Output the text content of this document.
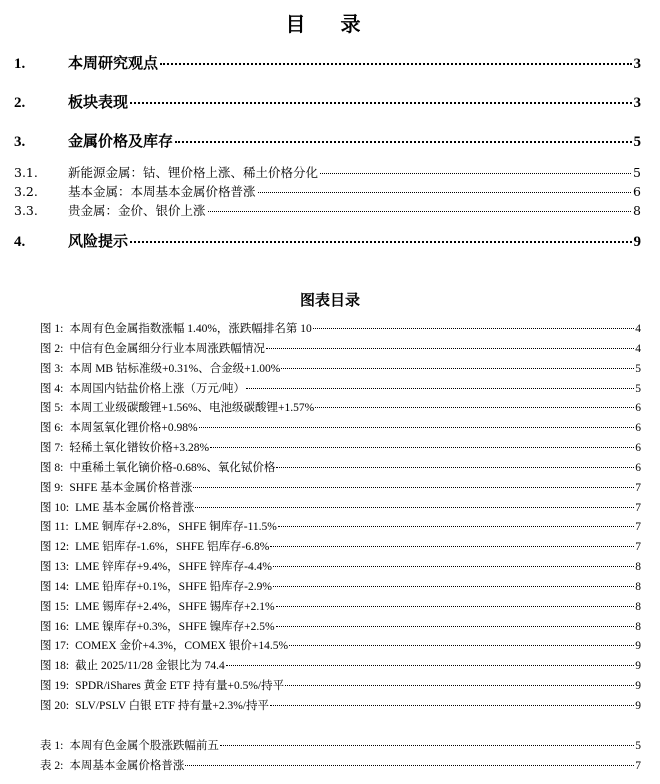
目 录
1.	本周研究观点	3
2.	板块表现	3
3.	金属价格及库存	5
3.1.	新能源金属：钴、锂价格上涨、稀土价格分化	5
3.2.	基本金属：本周基本金属价格普涨	6
3.3.	贵金属：金价、银价上涨	8
4.	风险提示	9
图表目录
图 1: 本周有色金属指数涨幅 1.40%，涨跌幅排名第 10	4
图 2: 中信有色金属细分行业本周涨跌幅情况	4
图 3: 本周 MB 钴标准级+0.31%、合金级+1.00%	5
图 4: 本周国内钴盐价格上涨（万元/吨）	5
图 5: 本周工业级碳酸锂+1.56%、电池级碳酸锂+1.57%	6
图 6: 本周氢氧化锂价格+0.98%	6
图 7: 轻稀土氧化镨钕价格+3.28%	6
图 8: 中重稀土氧化镝价格-0.68%、氧化铽价格	6
图 9: SHFE 基本金属价格普涨	7
图 10: LME 基本金属价格普涨	7
图 11: LME 铜库存+2.8%，SHFE 铜库存-11.5%	7
图 12: LME 铝库存-1.6%，SHFE 铝库存-6.8%	7
图 13: LME 锌库存+9.4%，SHFE 锌库存-4.4%	8
图 14: LME 铅库存+0.1%，SHFE 铅库存-2.9%	8
图 15: LME 锡库存+2.4%，SHFE 锡库存+2.1%	8
图 16: LME 镍库存+0.3%，SHFE 镍库存+2.5%	8
图 17: COMEX 金价+4.3%，COMEX 银价+14.5%	9
图 18: 截止 2025/11/28 金银比为 74.4	9
图 19: SPDR/iShares 黄金 ETF 持有量+0.5%/持平	9
图 20: SLV/PSLV 白银 ETF 持有量+2.3%/持平	9
表 1: 本周有色金属个股涨跌幅前五	5
表 2: 本周基本金属价格普涨	7
